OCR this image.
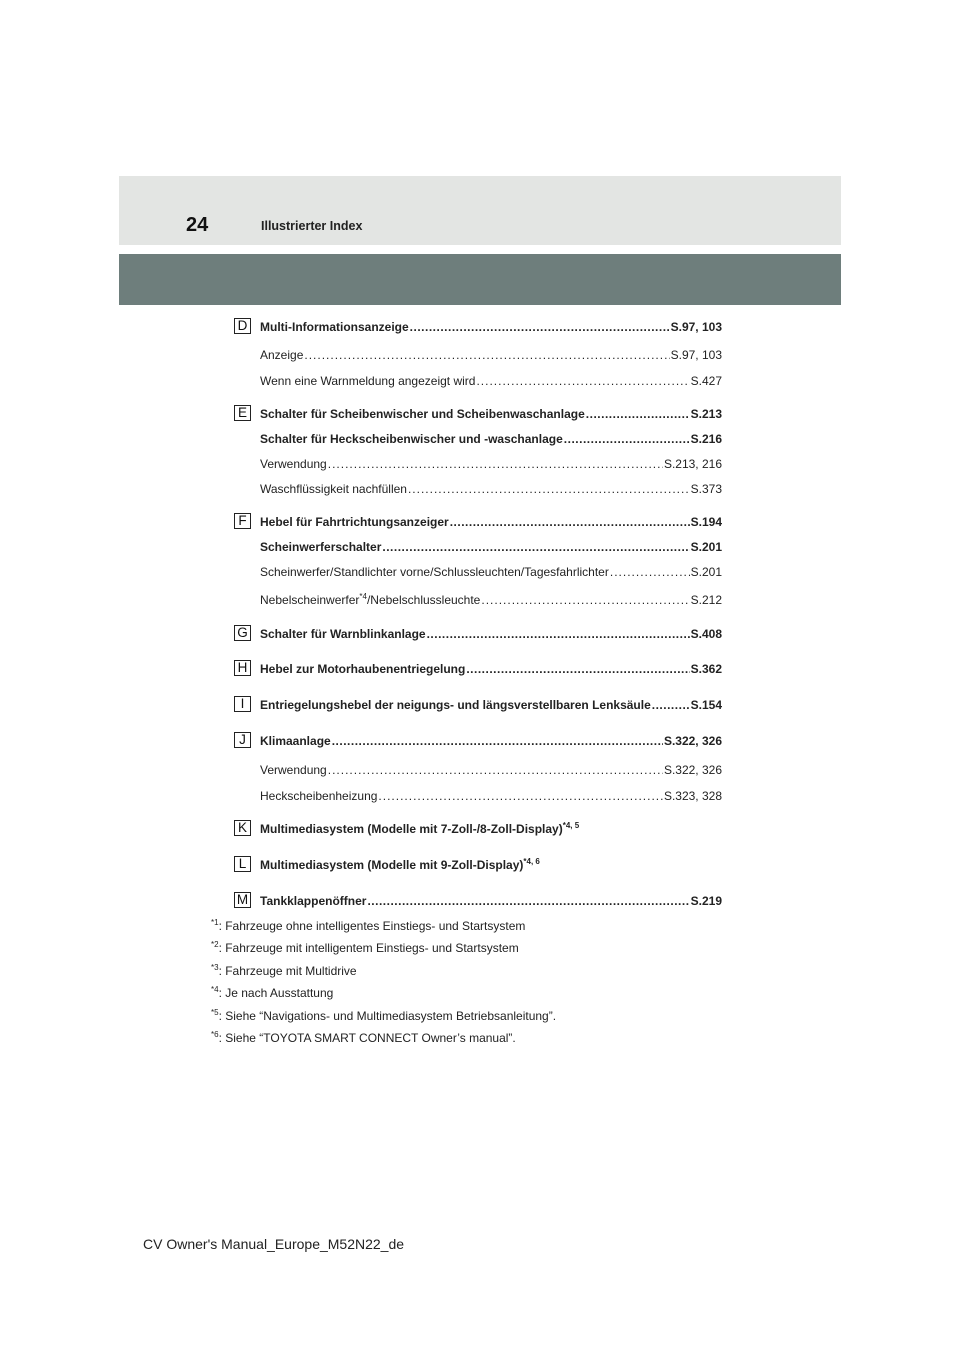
24	Illustrierter Index
D	Multi-Informationsanzeige .....	S.97, 103
Anzeige .....	S.97, 103
Wenn eine Warnmeldung angezeigt wird .....	S.427
E	Schalter für Scheibenwischer und Scheibenwaschanlage .....	S.213
Schalter für Heckscheibenwischer und -waschanlage .....	S.216
Verwendung .....	S.213, 216
Waschflüssigkeit nachfüllen .....	S.373
F	Hebel für Fahrtrichtungsanzeiger .....	S.194
Scheinwerferschalter .....	S.201
Scheinwerfer/Standlichter vorne/Schlussleuchten/Tagesfahrlichter .....	S.201
Nebelscheinwerfer$^{*4}$/Nebelschlussleuchte .....	S.212
G Schalter für Warnblinkanlage .....	S.408
H	Hebel zur Motorhaubenentriegelung .....	S.362
I	Entriegelungshebel der neigungs- und längsverstellbaren Lenksäule .....	S.154
J	Klimaanlage .....	S.322, 326
Verwendung .....	S.322, 326
Heckscheibenheizung .....	S.323, 328
K	Multimediasystem (Modelle mit 7-Zoll-/8-Zoll-Display)$^{*4, 5}$
L	Multimediasystem (Modelle mit 9-Zoll-Display)$^{*4, 6}$
M Tankklappenöffner .....	S.219
$^{*1}$: Fahrzeuge ohne intelligentes Einstiegs- und Startsystem
$^{*2}$: Fahrzeuge mit intelligentem Einstiegs- und Startsystem
$^{*3}$: Fahrzeuge mit Multidrive
$^{*4}$: Je nach Ausstattung
$^{*5}$: Siehe “Navigations- und Multimediasystem Betriebsanleitung”.
$^{*6}$: Siehe “TOYOTA SMART CONNECT Owner’s manual”.
CV Owner's Manual_Europe_M52N22_de
